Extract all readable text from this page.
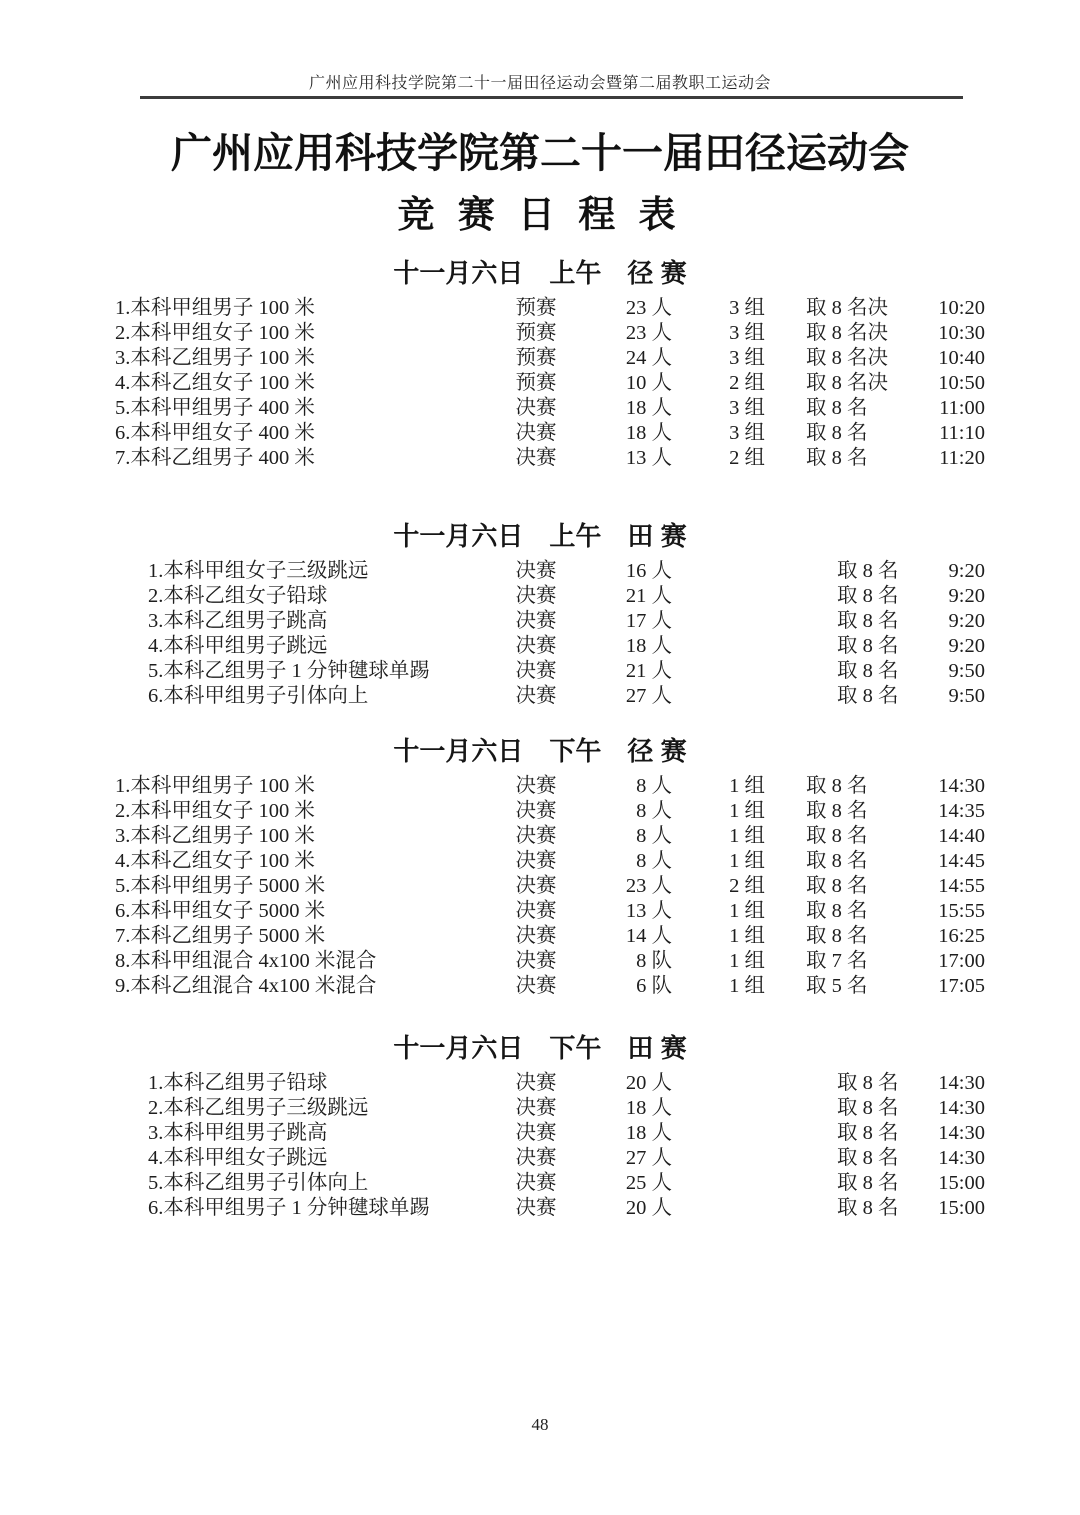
广州应用科技学院第二十一届田径运动会暨第二届教职工运动会
广州应用科技学院第二十一届田径运动会
竞 赛 日 程 表
十一月六日 上午 径 赛
1.本科甲组男子 100 米	预赛	23 人	3 组	取 8 名决	10:20
2.本科甲组女子 100 米	预赛	23 人	3 组	取 8 名决	10:30
3.本科乙组男子 100 米	预赛	24 人	3 组	取 8 名决	10:40
4.本科乙组女子 100 米	预赛	10 人	2 组	取 8 名决	10:50
5.本科甲组男子 400 米	决赛	18 人	3 组	取 8 名	11:00
6.本科甲组女子 400 米	决赛	18 人	3 组	取 8 名	11:10
7.本科乙组男子 400 米	决赛	13 人	2 组	取 8 名	11:20
十一月六日 上午 田 赛
1.本科甲组女子三级跳远	决赛	16 人	取 8 名	9:20
2.本科乙组女子铅球	决赛	21 人	取 8 名	9:20
3.本科乙组男子跳高	决赛	17 人	取 8 名	9:20
4.本科甲组男子跳远	决赛	18 人	取 8 名	9:20
5.本科乙组男子 1 分钟毽球单踢	决赛	21 人	取 8 名	9:50
6.本科甲组男子引体向上	决赛	27 人	取 8 名	9:50
十一月六日 下午 径 赛
1.本科甲组男子 100 米	决赛	8 人	1 组	取 8 名	14:30
2.本科甲组女子 100 米	决赛	8 人	1 组	取 8 名	14:35
3.本科乙组男子 100 米	决赛	8 人	1 组	取 8 名	14:40
4.本科乙组女子 100 米	决赛	8 人	1 组	取 8 名	14:45
5.本科甲组男子 5000 米	决赛	23 人	2 组	取 8 名	14:55
6.本科甲组女子 5000 米	决赛	13 人	1 组	取 8 名	15:55
7.本科乙组男子 5000 米	决赛	14 人	1 组	取 8 名	16:25
8.本科甲组混合 4x100 米混合	决赛	8 队	1 组	取 7 名	17:00
9.本科乙组混合 4x100 米混合	决赛	6 队	1 组	取 5 名	17:05
十一月六日 下午 田 赛
1.本科乙组男子铅球	决赛	20 人	取 8 名	14:30
2.本科乙组男子三级跳远	决赛	18 人	取 8 名	14:30
3.本科甲组男子跳高	决赛	18 人	取 8 名	14:30
4.本科甲组女子跳远	决赛	27 人	取 8 名	14:30
5.本科乙组男子引体向上	决赛	25 人	取 8 名	15:00
6.本科甲组男子 1 分钟毽球单踢	决赛	20 人	取 8 名	15:00
48
